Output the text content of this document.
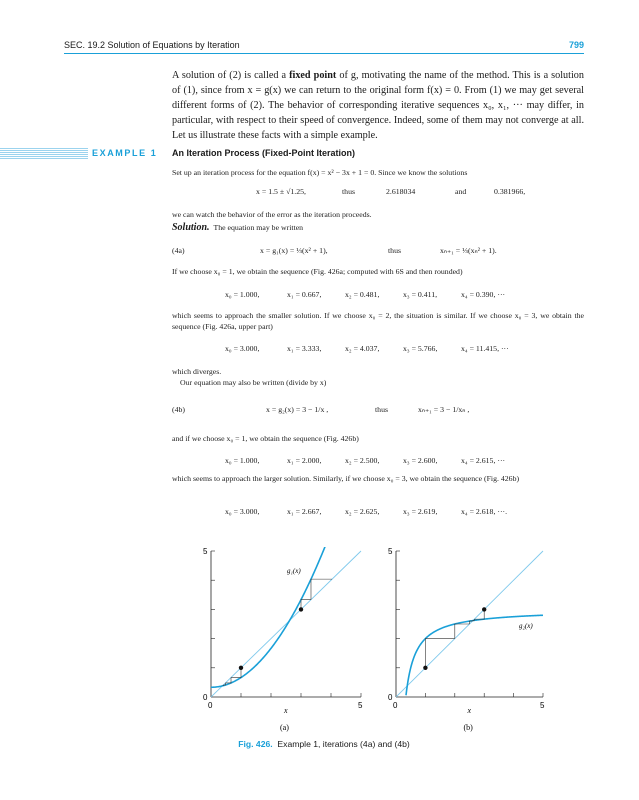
SEC. 19.2 Solution of Equations by Iteration	799

A solution of (2) is called a fixed point of g, motivating the name of the method. This is a solution of (1), since from x = g(x) we can return to the original form f(x) = 0. From (1) we may get several different forms of (2). The behavior of corresponding iterative sequences x₀, x₁, ··· may differ, in particular, with respect to their speed of convergence. Indeed, some of them may not converge at all. Let us illustrate these facts with a simple example.

EXAMPLE 1 An Iteration Process (Fixed-Point Iteration)

Set up an iteration process for the equation f(x) = x² − 3x + 1 = 0. Since we know the solutions

x = 1.5 ± √1.25,	thus	2.618034	and	0.381966,

we can watch the behavior of the error as the iteration proceeds.

Solution. The equation may be written
(4a)	x = g₁(x) = ⅓(x² + 1),	thus	xₙ₊₁ = ⅓(xₙ² + 1).

If we choose x₀ = 1, we obtain the sequence (Fig. 426a; computed with 6S and then rounded)

x₀ = 1.000,	x₁ = 0.667,	x₂ = 0.481,	x₃ = 0.411,	x₄ = 0.390, ···

which seems to approach the smaller solution. If we choose x₀ = 2, the situation is similar. If we choose x₀ = 3, we obtain the sequence (Fig. 426a, upper part)

x₀ = 3.000,	x₁ = 3.333,	x₂ = 4.037,	x₃ = 5.766,	x₄ = 11.415, ···

which diverges.

Our equation may also be written (divide by x)

(4b)	x = g₂(x) = 3 − 1/x ,	thus	xₙ₊₁ = 3 − 1/xₙ ,

and if we choose x₀ = 1, we obtain the sequence (Fig. 426b)

x₀ = 1.000,	x₁ = 2.000,	x₂ = 2.500,	x₃ = 2.600,	x₄ = 2.615, ···

which seems to approach the larger solution. Similarly, if we choose x₀ = 3, we obtain the sequence (Fig. 426b)

x₀ = 3.000,	x₁ = 2.667,	x₂ = 2.625,	x₃ = 2.619,	x₄ = 2.618, ···.
5
0
0	5
x
(a)
g₁(x)
5
0
0	5
x
(b)
g₂(x)
Fig. 426. Example 1, iterations (4a) and (4b)
